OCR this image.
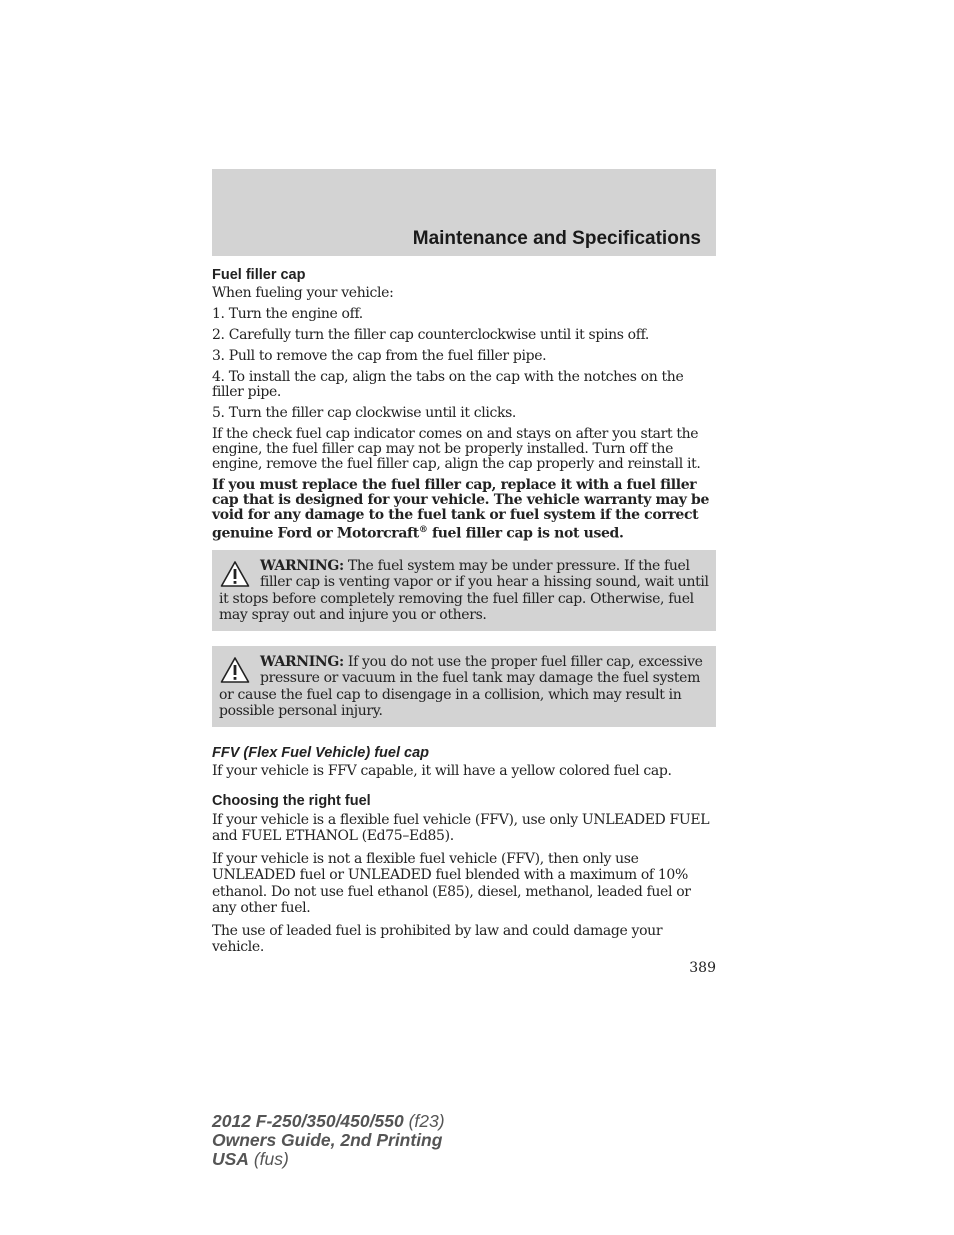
Maintenance and Specifications
Fuel filler cap

When fueling your vehicle:

1. Turn the engine off.

2. Carefully turn the filler cap counterclockwise until it spins off.

3. Pull to remove the cap from the fuel filler pipe.

4. To install the cap, align the tabs on the cap with the notches on the filler pipe.

5. Turn the filler cap clockwise until it clicks.

If the check fuel cap indicator comes on and stays on after you start the engine, the fuel filler cap may not be properly installed. Turn off the engine, remove the fuel filler cap, align the cap properly and reinstall it.

If you must replace the fuel filler cap, replace it with a fuel filler cap that is designed for your vehicle. The vehicle warranty may be void for any damage to the fuel tank or fuel system if the correct genuine Ford or Motorcraft® fuel filler cap is not used.

WARNING: The fuel system may be under pressure. If the fuel filler cap is venting vapor or if you hear a hissing sound, wait until it stops before completely removing the fuel filler cap. Otherwise, fuel may spray out and injure you or others.

WARNING: If you do not use the proper fuel filler cap, excessive pressure or vacuum in the fuel tank may damage the fuel system or cause the fuel cap to disengage in a collision, which may result in possible personal injury.

FFV (Flex Fuel Vehicle) fuel cap

If your vehicle is FFV capable, it will have a yellow colored fuel cap.

Choosing the right fuel

If your vehicle is a flexible fuel vehicle (FFV), use only UNLEADED FUEL and FUEL ETHANOL (Ed75–Ed85).

If your vehicle is not a flexible fuel vehicle (FFV), then only use UNLEADED fuel or UNLEADED fuel blended with a maximum of 10% ethanol. Do not use fuel ethanol (E85), diesel, methanol, leaded fuel or any other fuel.

The use of leaded fuel is prohibited by law and could damage your vehicle.

389
2012 F-250/350/450/550 (f23)
Owners Guide, 2nd Printing
USA (fus)
